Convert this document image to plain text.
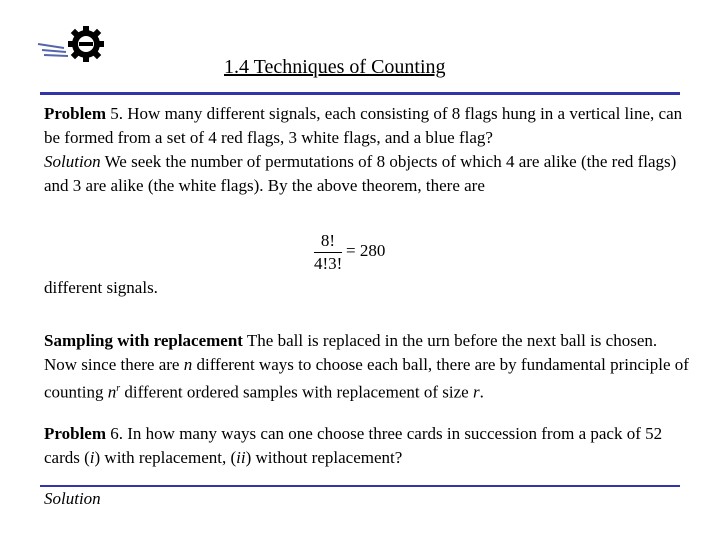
1.4 Techniques of Counting

Problem 5. How many different signals, each consisting of 8 flags hung in a vertical line, can be formed from a set of 4 red flags, 3 white flags, and a blue flag?

Solution We seek the number of permutations of 8 objects of which 4 are alike (the red flags) and 3 are alike (the white flags). By the above theorem, there are

8!
4!3!
= 280
different signals.

Sampling with replacement The ball is replaced in the urn before the next ball is chosen. Now since there are n different ways to choose each ball, there are by fundamental principle of counting $n^r$ different ordered samples with replacement of size r.

Problem 6. In how many ways can one choose three cards in succession from a pack of 52 cards (i) with replacement, (ii) without replacement?

Solution
